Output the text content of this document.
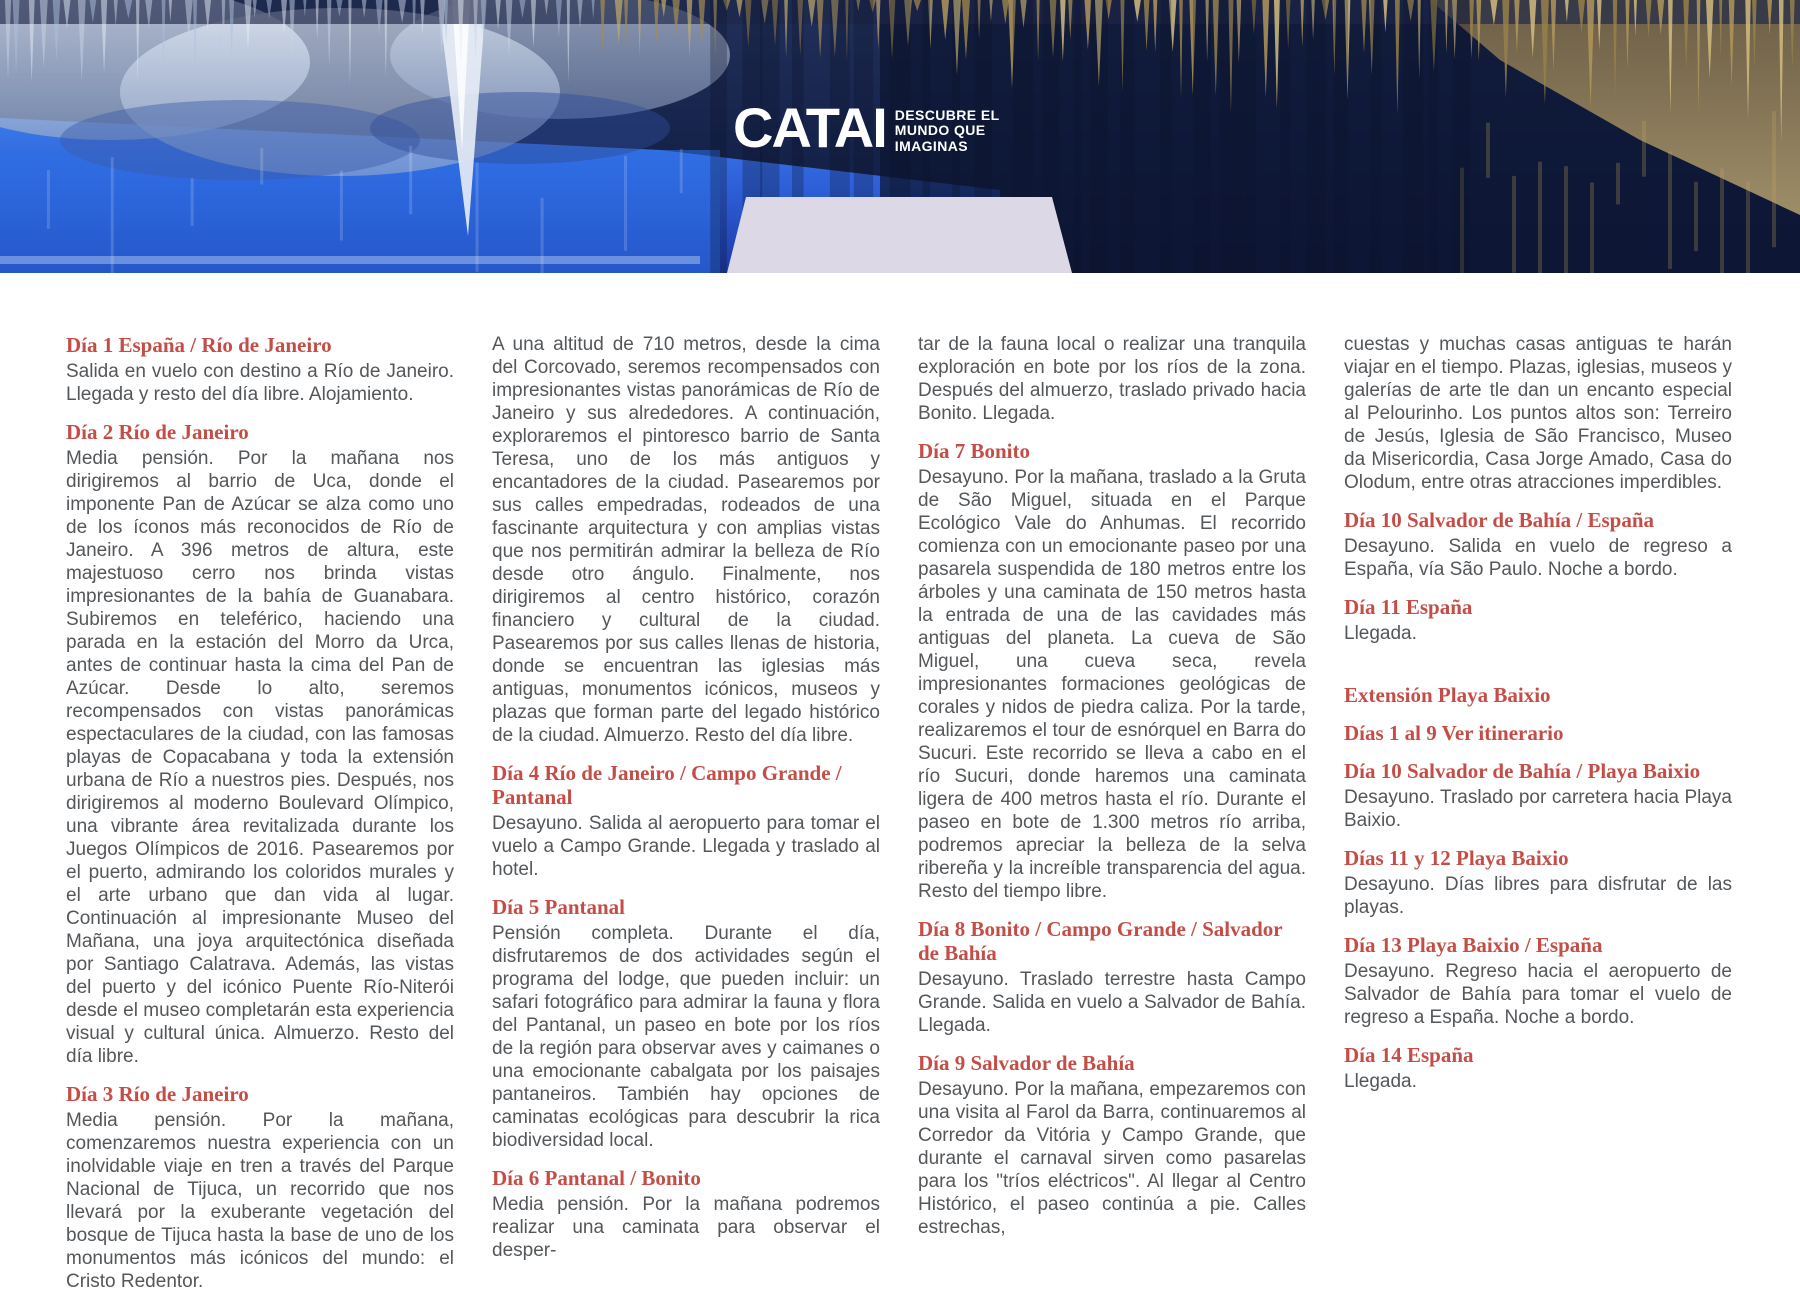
CATAI DESCUBRE EL
MUNDO QUE
IMAGINAS
Día 1 España / Río de Janeiro

Salida en vuelo con destino a Río de Janeiro. Llegada y resto del día libre. Alojamiento.

Día 2 Río de Janeiro

Media pensión. Por la mañana nos dirigiremos al barrio de Uca, donde el imponente Pan de Azúcar se alza como uno de los íconos más reconocidos de Río de Janeiro. A 396 metros de altura, este majestuoso cerro nos brinda vistas impresionantes de la bahía de Guanabara. Subiremos en teleférico, haciendo una parada en la estación del Morro da Urca, antes de continuar hasta la cima del Pan de Azúcar. Desde lo alto, seremos recompensados con vistas panorámicas espectaculares de la ciudad, con las famosas playas de Copacabana y toda la extensión urbana de Río a nuestros pies. Después, nos dirigiremos al moderno Boulevard Olímpico, una vibrante área revitalizada durante los Juegos Olímpicos de 2016. Pasearemos por el puerto, admirando los coloridos murales y el arte urbano que dan vida al lugar. Continuación al impresionante Museo del Mañana, una joya arquitectónica diseñada por Santiago Calatrava. Además, las vistas del puerto y del icónico Puente Río-Niterói desde el museo completarán esta experiencia visual y cultural única. Almuerzo. Resto del día libre.

Día 3 Río de Janeiro

Media pensión. Por la mañana, comenzaremos nuestra experiencia con un inolvidable viaje en tren a través del Parque Nacional de Tijuca, un recorrido que nos llevará por la exuberante vegetación del bosque de Tijuca hasta la base de uno de los monumentos más icónicos del mundo: el Cristo Redentor.

A una altitud de 710 metros, desde la cima del Corcovado, seremos recompensados con impresionantes vistas panorámicas de Río de Janeiro y sus alrededores. A continuación, exploraremos el pintoresco barrio de Santa Teresa, uno de los más antiguos y encantadores de la ciudad. Pasearemos por sus calles empedradas, rodeados de una fascinante arquitectura y con amplias vistas que nos permitirán admirar la belleza de Río desde otro ángulo. Finalmente, nos dirigiremos al centro histórico, corazón financiero y cultural de la ciudad. Pasearemos por sus calles llenas de historia, donde se encuentran las iglesias más antiguas, monumentos icónicos, museos y plazas que forman parte del legado histórico de la ciudad. Almuerzo. Resto del día libre.

Día 4 Río de Janeiro / Campo Grande / Pantanal

Desayuno. Salida al aeropuerto para tomar el vuelo a Campo Grande. Llegada y traslado al hotel.

Día 5 Pantanal

Pensión completa. Durante el día, disfrutaremos de dos actividades según el programa del lodge, que pueden incluir: un safari fotográfico para admirar la fauna y flora del Pantanal, un paseo en bote por los ríos de la región para observar aves y caimanes o una emocionante cabalgata por los paisajes pantaneiros. También hay opciones de caminatas ecológicas para descubrir la rica biodiversidad local.

Día 6 Pantanal / Bonito

Media pensión. Por la mañana podremos realizar una caminata para observar el desper-

tar de la fauna local o realizar una tranquila exploración en bote por los ríos de la zona. Después del almuerzo, traslado privado hacia Bonito. Llegada.

Día 7 Bonito

Desayuno. Por la mañana, traslado a la Gruta de São Miguel, situada en el Parque Ecológico Vale do Anhumas. El recorrido comienza con un emocionante paseo por una pasarela suspendida de 180 metros entre los árboles y una caminata de 150 metros hasta la entrada de una de las cavidades más antiguas del planeta. La cueva de São Miguel, una cueva seca, revela impresionantes formaciones geológicas de corales y nidos de piedra caliza. Por la tarde, realizaremos el tour de esnórquel en Barra do Sucuri. Este recorrido se lleva a cabo en el río Sucuri, donde haremos una caminata ligera de 400 metros hasta el río. Durante el paseo en bote de 1.300 metros río arriba, podremos apreciar la belleza de la selva ribereña y la increíble transparencia del agua. Resto del tiempo libre.

Día 8 Bonito / Campo Grande / Salvador de Bahía

Desayuno. Traslado terrestre hasta Campo Grande. Salida en vuelo a Salvador de Bahía. Llegada.

Día 9 Salvador de Bahía

Desayuno. Por la mañana, empezaremos con una visita al Farol da Barra, continuaremos al Corredor da Vitória y Campo Grande, que durante el carnaval sirven como pasarelas para los "tríos eléctricos". Al llegar al Centro Histórico, el paseo continúa a pie. Calles estrechas,

cuestas y muchas casas antiguas te harán viajar en el tiempo. Plazas, iglesias, museos y galerías de arte tle dan un encanto especial al Pelourinho. Los puntos altos son: Terreiro de Jesús, Iglesia de São Francisco, Museo da Misericordia, Casa Jorge Amado, Casa do Olodum, entre otras atracciones imperdibles.

Día 10 Salvador de Bahía / España

Desayuno. Salida en vuelo de regreso a España, vía São Paulo. Noche a bordo.

Día 11 España

Llegada.

Extensión Playa Baixio
Días 1 al 9 Ver itinerario
Día 10 Salvador de Bahía / Playa Baixio

Desayuno. Traslado por carretera hacia Playa Baixio.

Días 11 y 12 Playa Baixio

Desayuno. Días libres para disfrutar de las playas.

Día 13 Playa Baixio / España

Desayuno. Regreso hacia el aeropuerto de Salvador de Bahía para tomar el vuelo de regreso a España. Noche a bordo.

Día 14 España

Llegada.
